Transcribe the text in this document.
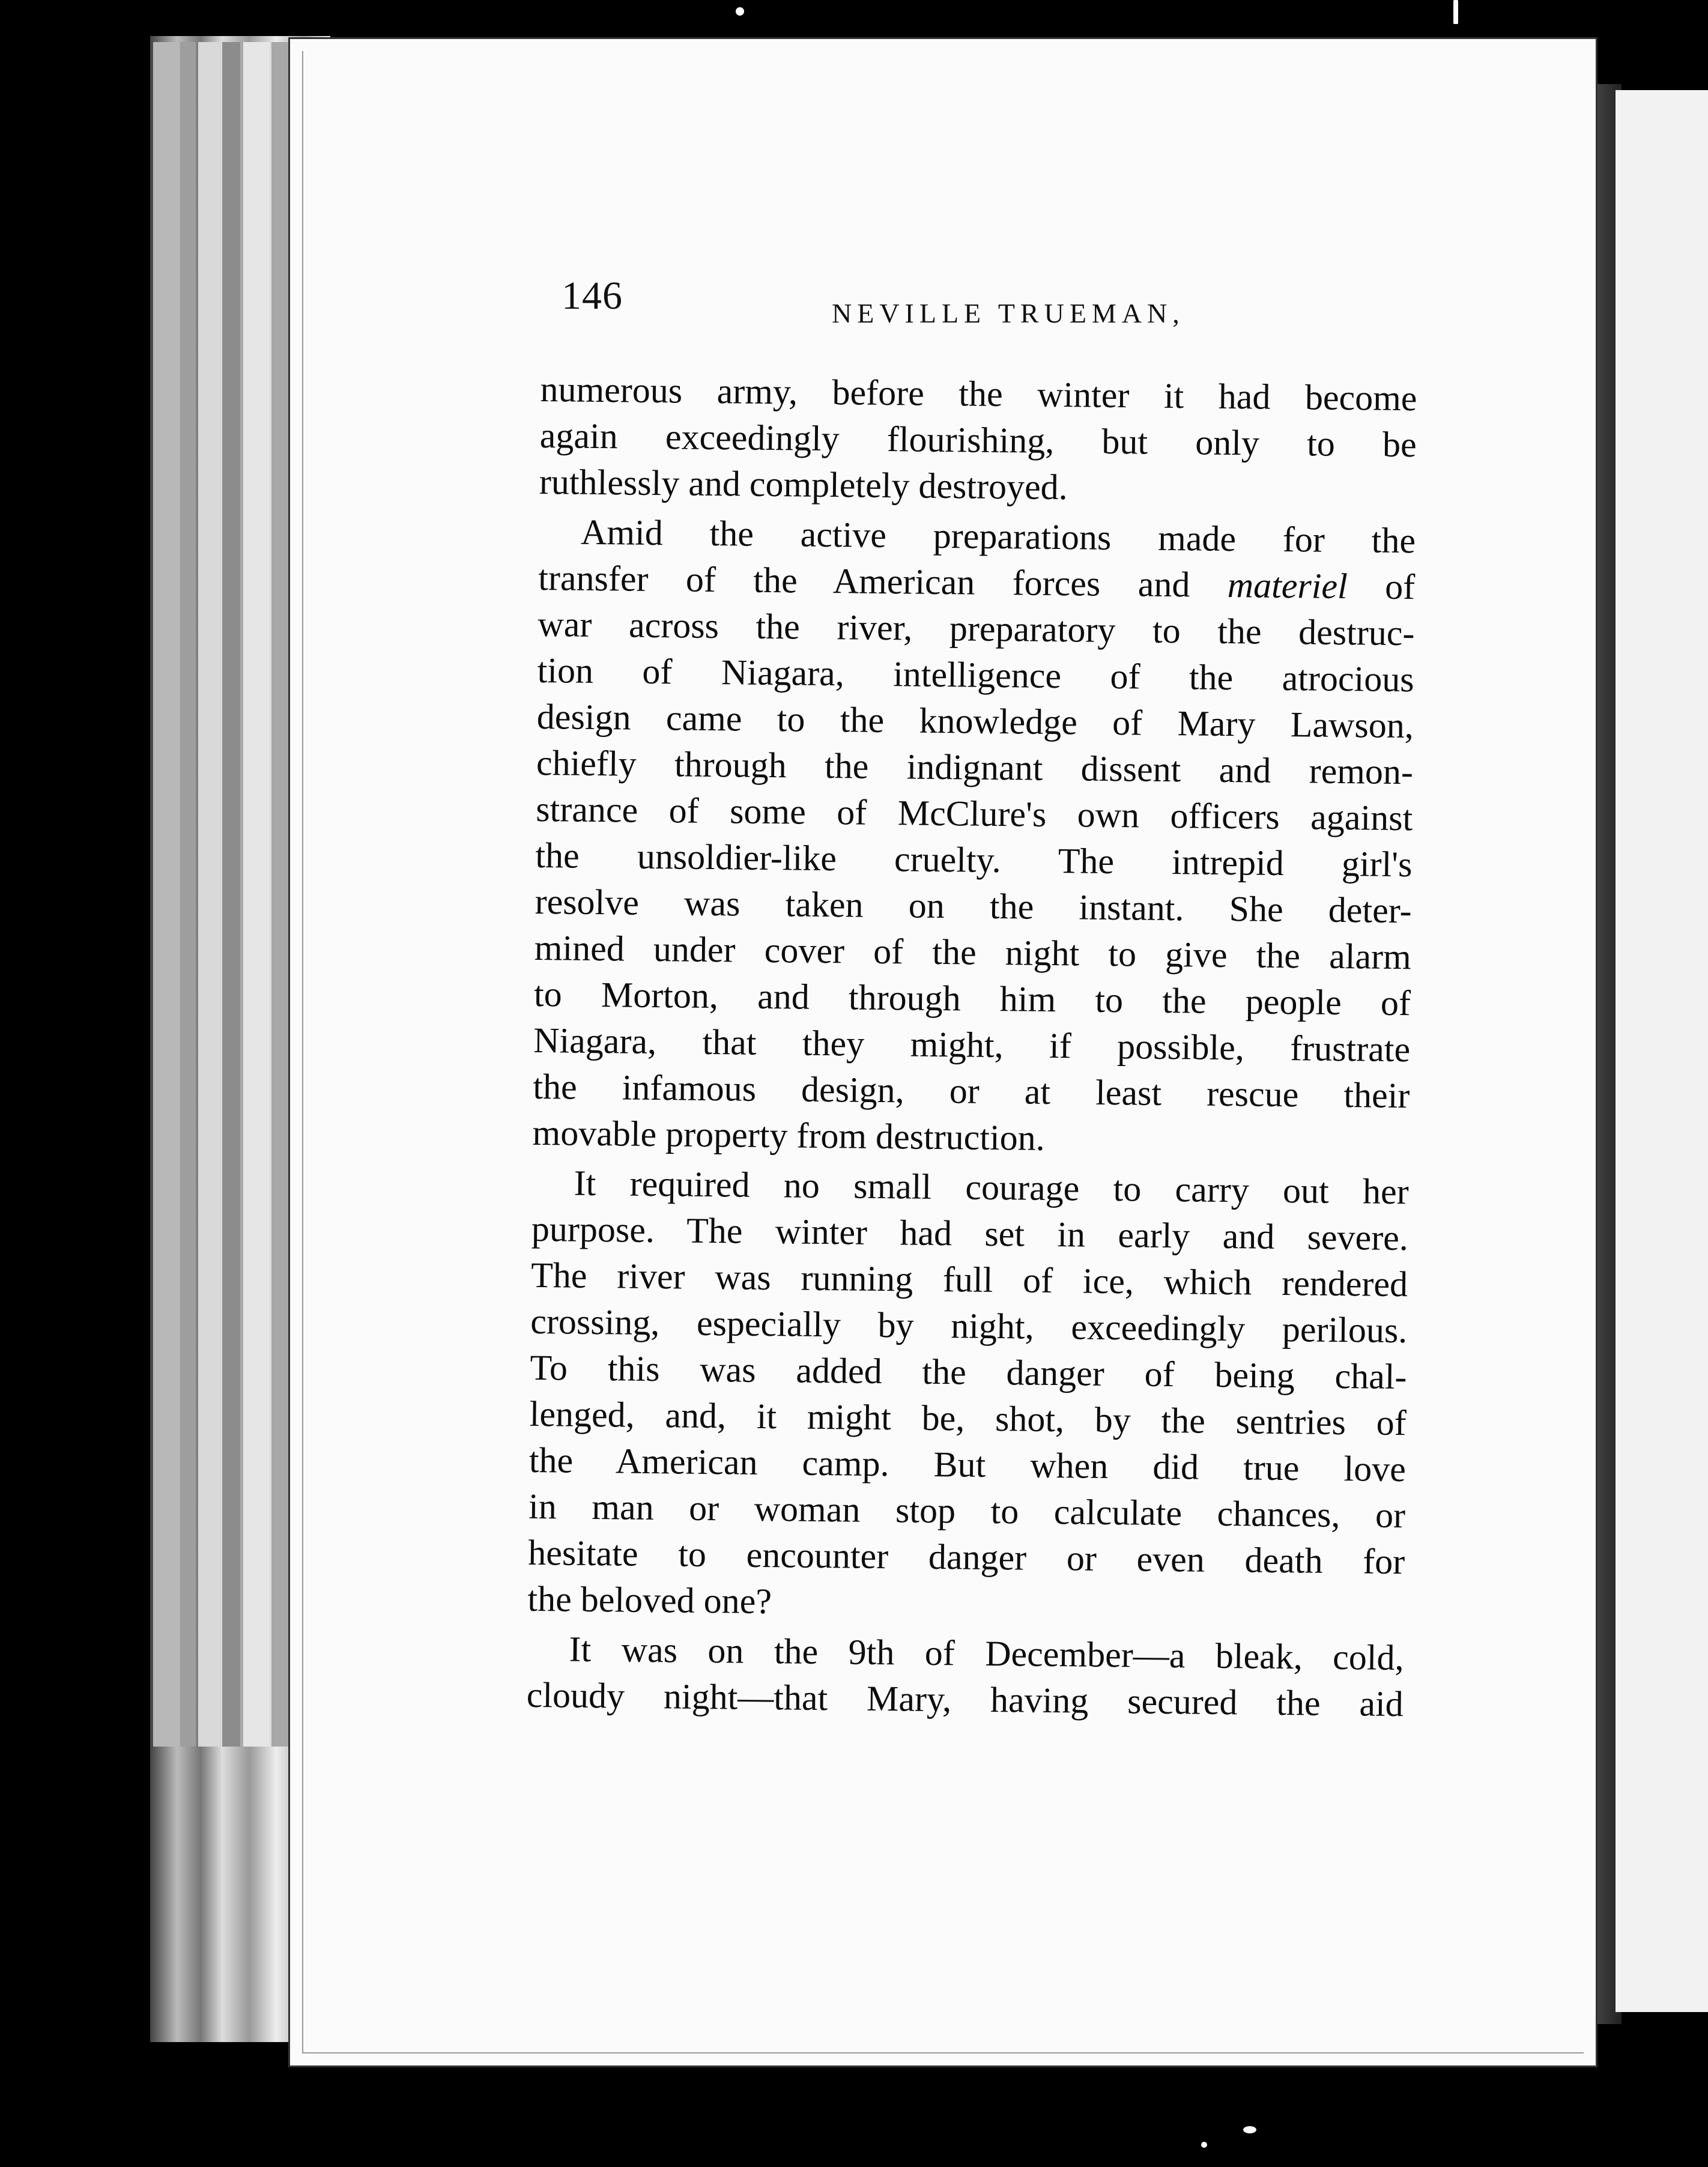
146	NEVILLE TRUEMAN,
numerous army, before the winter it had become
again exceedingly flourishing, but only to be
ruthlessly and completely destroyed.
Amid the active preparations made for the
transfer of the American forces and materiel of
war across the river, preparatory to the destruc-
tion of Niagara, intelligence of the atrocious
design came to the knowledge of Mary Lawson,
chiefly through the indignant dissent and remon-
strance of some of McClure's own officers against
the unsoldier-like cruelty. The intrepid girl's
resolve was taken on the instant. She deter-
mined under cover of the night to give the alarm
to Morton, and through him to the people of
Niagara, that they might, if possible, frustrate
the infamous design, or at least rescue their
movable property from destruction.
It required no small courage to carry out her
purpose. The winter had set in early and severe.
The river was running full of ice, which rendered
crossing, especially by night, exceedingly perilous.
To this was added the danger of being chal-
lenged, and, it might be, shot, by the sentries of
the American camp. But when did true love
in man or woman stop to calculate chances, or
hesitate to encounter danger or even death for
the beloved one?
It was on the 9th of December—a bleak, cold,
cloudy night—that Mary, having secured the aid
